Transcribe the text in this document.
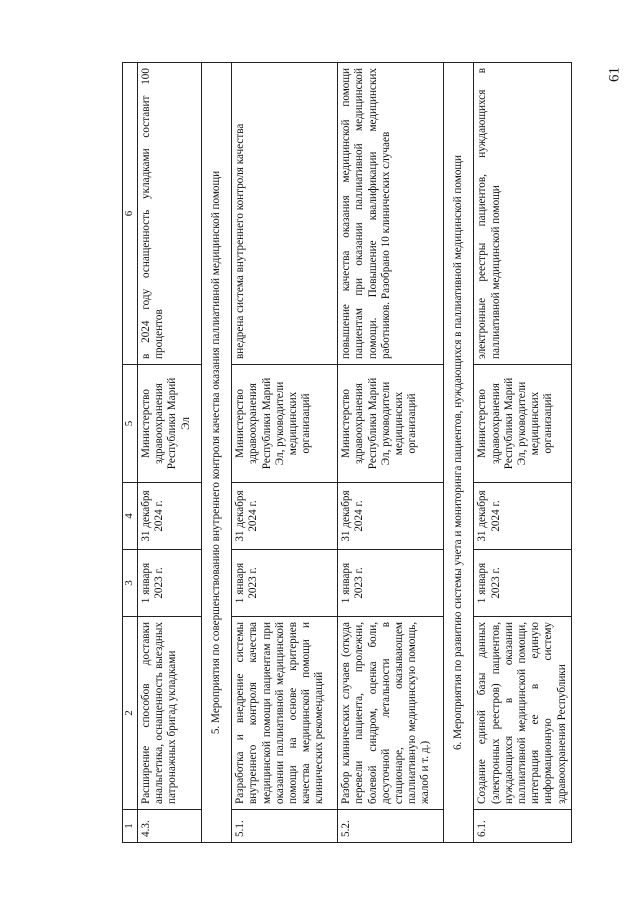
61
1	2	3	4	5	6
4.3.	Расширение способов доставки анальгетика, оснащенность выездных патронажных бригад укладками	1 января 2023 г.	31 декабря 2024 г.	Министерство здравоохранения Республики Марий Эл	в 2024 году оснащенность укладками составит 100 процентов
5. Мероприятия по совершенствованию внутреннего контроля качества оказания паллиативной медицинской помощи					
5.1.	Разработка и внедрение системы внутреннего контроля качества медицинской помощи пациентам при оказании паллиативной медицинской помощи на основе критериев качества медицинской помощи и клинических рекомендаций	1 января 2023 г.	31 декабря 2024 г.	Министерство здравоохранения Республики Марий Эл, руководители медицинских организаций	внедрена система внутреннего контроля качества
5.2.	Разбор клинических случаев (откуда перевели пациента, пролежни, болевой синдром, оценка боли, досуточной летальности в стационаре, оказывающем паллиативную медицинскую помощь, жалоб и т. д.)	1 января 2023 г.	31 декабря 2024 г.	Министерство здравоохранения Республики Марий Эл, руководители медицинских организаций	повышение качества оказания медицинской помощи пациентам при оказании паллиативной медицинской помощи. Повышение квалификации медицинских работников. Разобрано 10 клинических случаев
6. Мероприятия по развитию системы учета и мониторинга пациентов, нуждающихся в паллиативной медицинской помощи					
6.1.	Создание единой базы данных (электронных реестров) пациентов, нуждающихся в оказании паллиативной медицинской помощи, интеграция ее в единую информационную систему здравоохранения Республики	1 января 2023 г.	31 декабря 2024 г.	Министерство здравоохранения Республики Марий Эл, руководители медицинских организаций	электронные реестры пациентов, нуждающихся в паллиативной медицинской помощи
